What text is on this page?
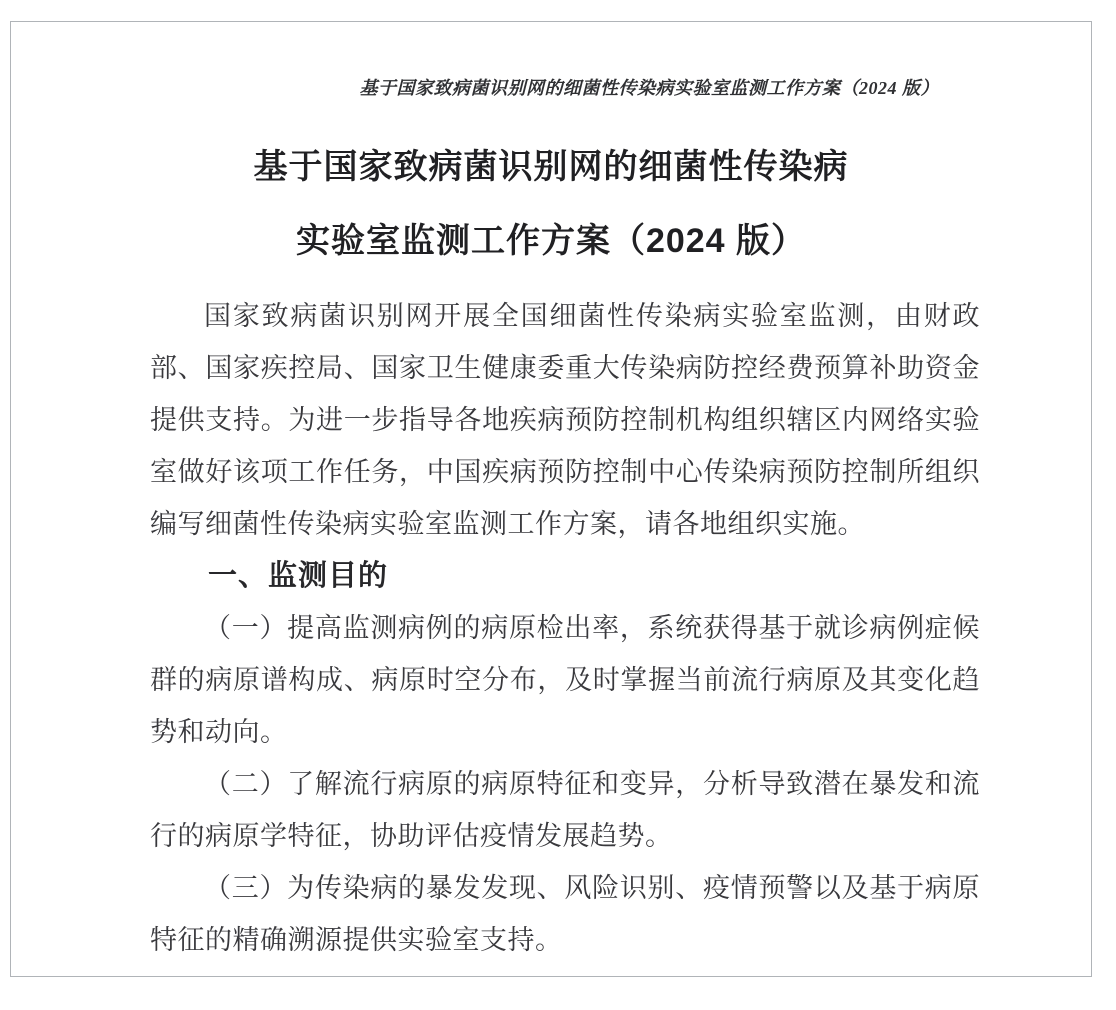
基于国家致病菌识别网的细菌性传染病实验室监测工作方案（2024 版）
基于国家致病菌识别网的细菌性传染病
实验室监测工作方案（2024 版）

国家致病菌识别网开展全国细菌性传染病实验室监测，由财政部、国家疾控局、国家卫生健康委重大传染病防控经费预算补助资金提供支持。为进一步指导各地疾病预防控制机构组织辖区内网络实验室做好该项工作任务，中国疾病预防控制中心传染病预防控制所组织编写细菌性传染病实验室监测工作方案，请各地组织实施。

一、监测目的

（一）提高监测病例的病原检出率，系统获得基于就诊病例症候群的病原谱构成、病原时空分布，及时掌握当前流行病原及其变化趋势和动向。

（二）了解流行病原的病原特征和变异，分析导致潜在暴发和流行的病原学特征，协助评估疫情发展趋势。

（三）为传染病的暴发发现、风险识别、疫情预警以及基于病原特征的精确溯源提供实验室支持。
